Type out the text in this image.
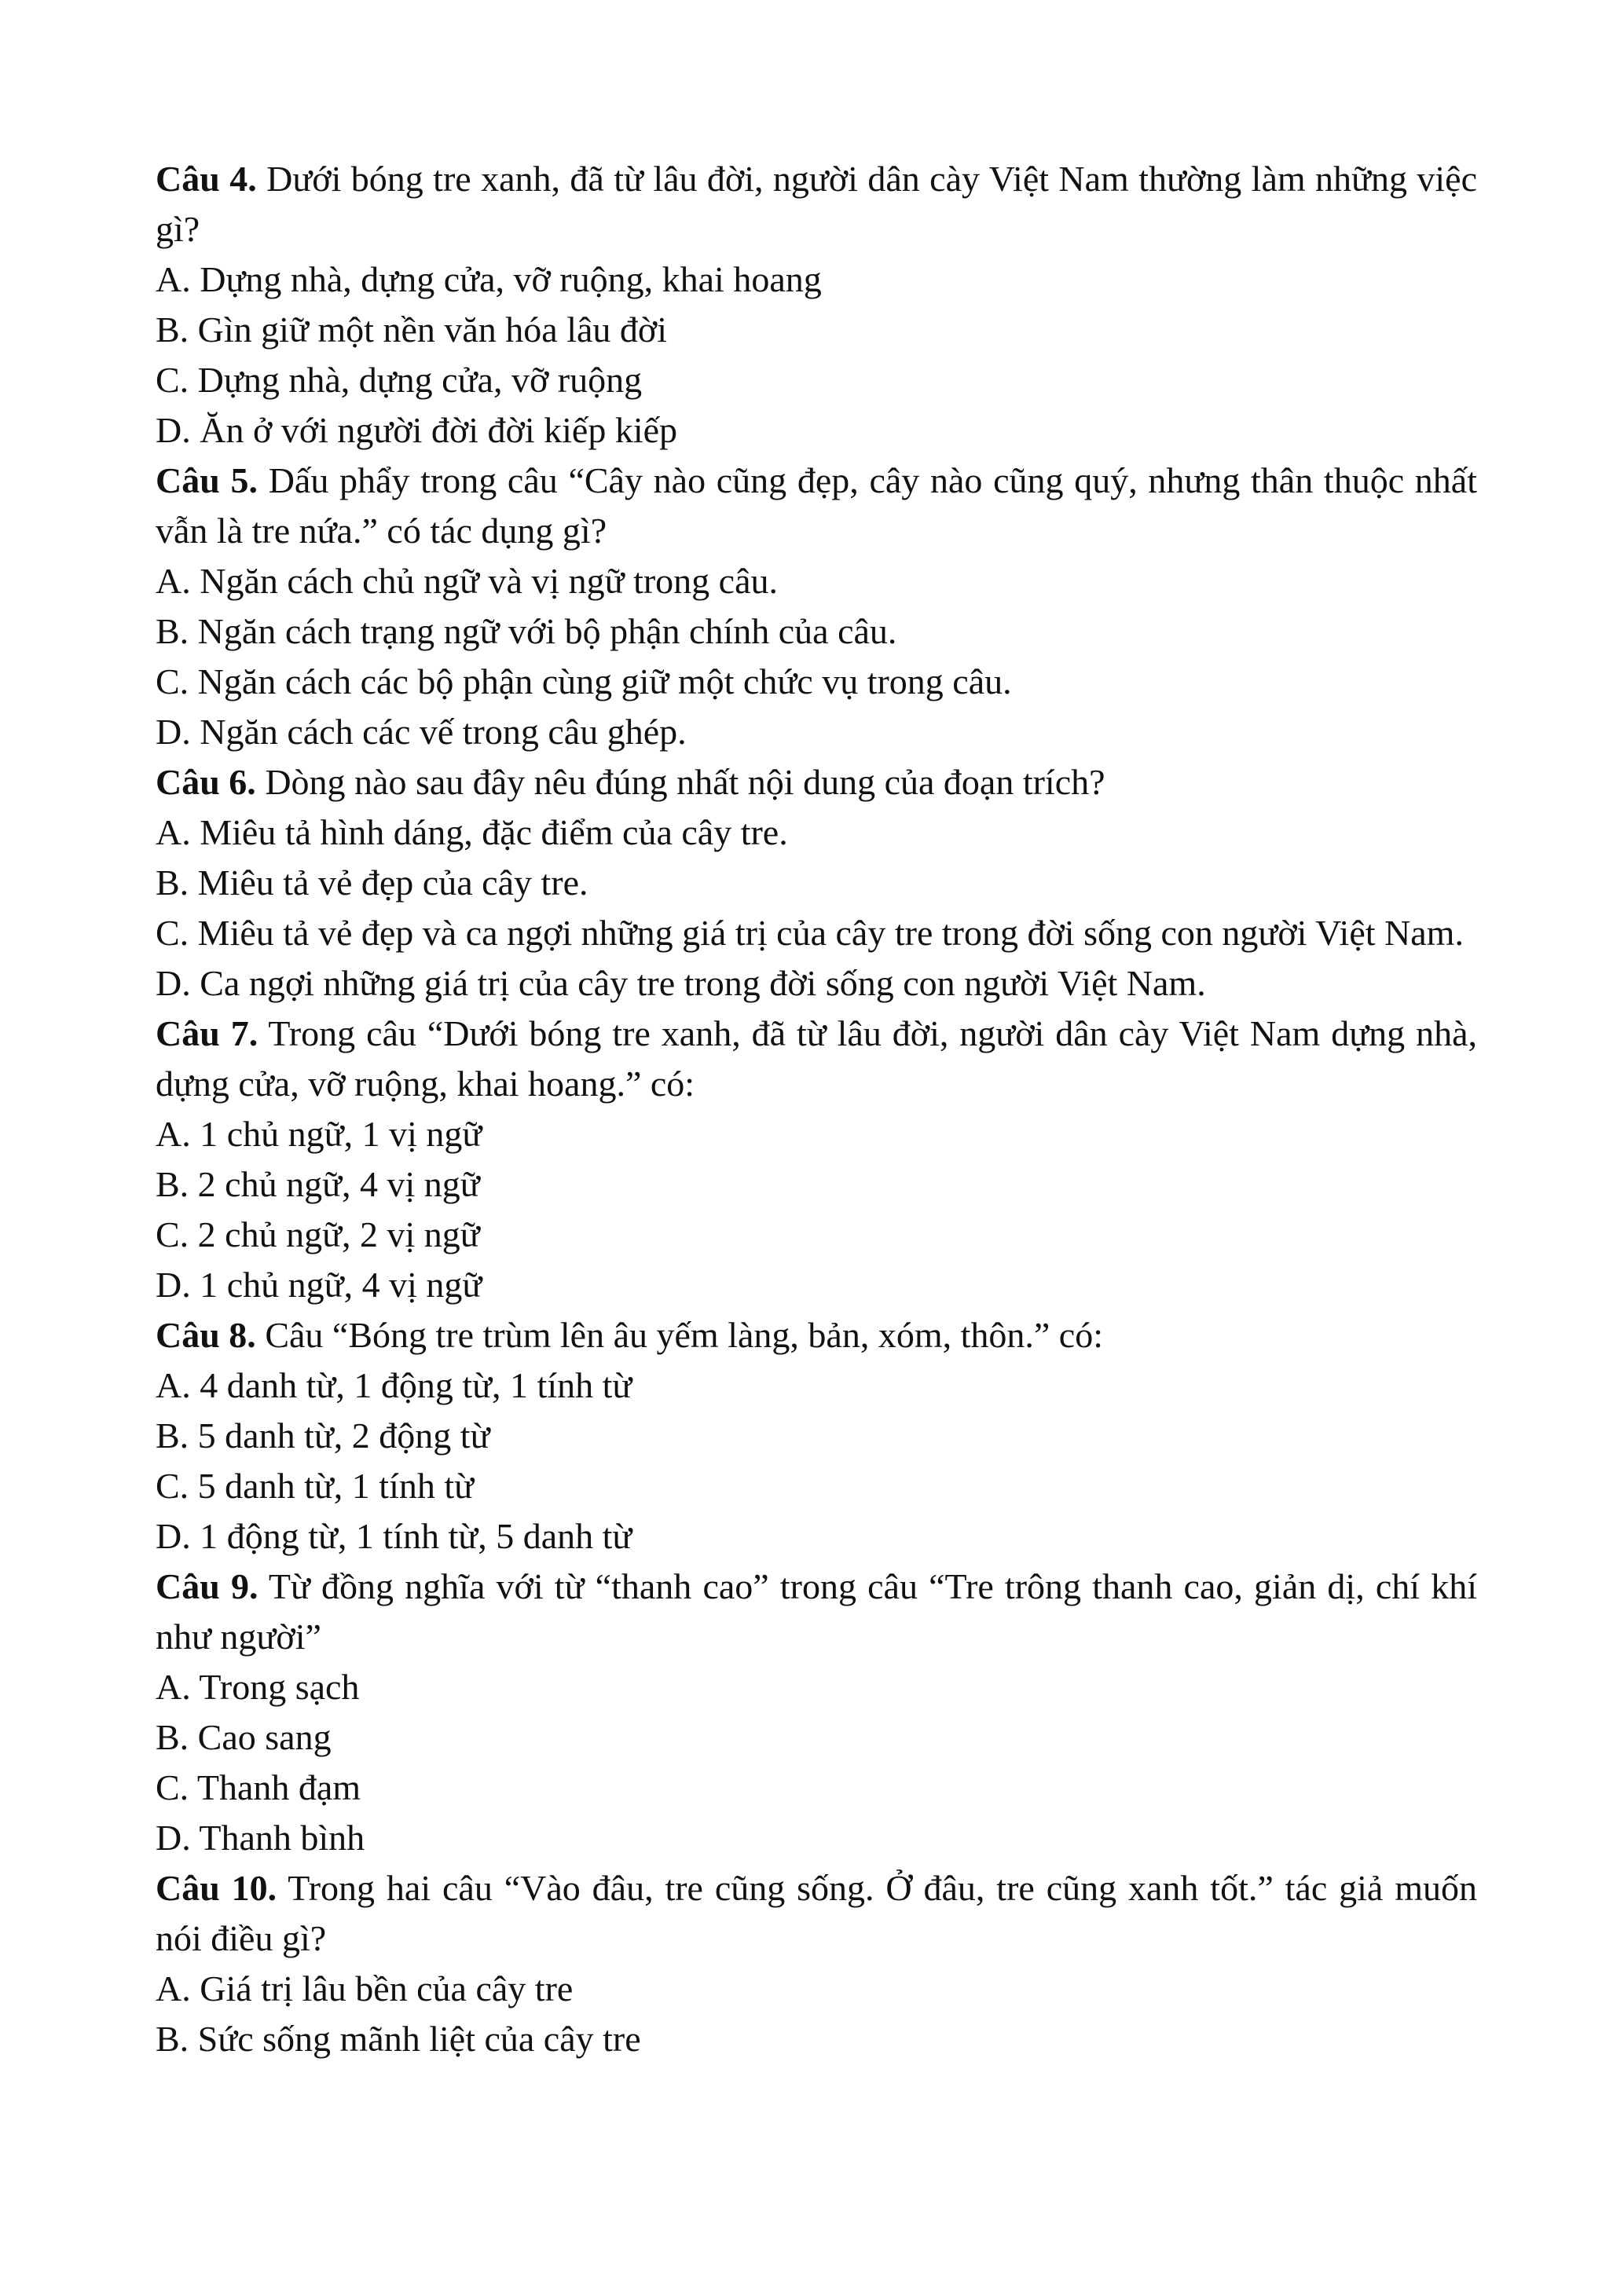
Câu 4. Dưới bóng tre xanh, đã từ lâu đời, người dân cày Việt Nam thường làm những việc gì?

A. Dựng nhà, dựng cửa, vỡ ruộng, khai hoang

B. Gìn giữ một nền văn hóa lâu đời

C. Dựng nhà, dựng cửa, vỡ ruộng

D. Ăn ở với người đời đời kiếp kiếp

Câu 5. Dấu phẩy trong câu “Cây nào cũng đẹp, cây nào cũng quý, nhưng thân thuộc nhất vẫn là tre nứa.” có tác dụng gì?

A. Ngăn cách chủ ngữ và vị ngữ trong câu.

B. Ngăn cách trạng ngữ với bộ phận chính của câu.

C. Ngăn cách các bộ phận cùng giữ một chức vụ trong câu.

D. Ngăn cách các vế trong câu ghép.

Câu 6. Dòng nào sau đây nêu đúng nhất nội dung của đoạn trích?

A. Miêu tả hình dáng, đặc điểm của cây tre.

B. Miêu tả vẻ đẹp của cây tre.

C. Miêu tả vẻ đẹp và ca ngợi những giá trị của cây tre trong đời sống con người Việt Nam.

D. Ca ngợi những giá trị của cây tre trong đời sống con người Việt Nam.

Câu 7. Trong câu “Dưới bóng tre xanh, đã từ lâu đời, người dân cày Việt Nam dựng nhà, dựng cửa, vỡ ruộng, khai hoang.” có:

A. 1 chủ ngữ, 1 vị ngữ

B. 2 chủ ngữ, 4 vị ngữ

C. 2 chủ ngữ, 2 vị ngữ

D. 1 chủ ngữ, 4 vị ngữ

Câu 8. Câu “Bóng tre trùm lên âu yếm làng, bản, xóm, thôn.” có:

A. 4 danh từ, 1 động từ, 1 tính từ

B. 5 danh từ, 2 động từ

C. 5 danh từ, 1 tính từ

D. 1 động từ, 1 tính từ, 5 danh từ

Câu 9. Từ đồng nghĩa với từ “thanh cao” trong câu “Tre trông thanh cao, giản dị, chí khí như người”

A. Trong sạch

B. Cao sang

C. Thanh đạm

D. Thanh bình

Câu 10. Trong hai câu “Vào đâu, tre cũng sống. Ở đâu, tre cũng xanh tốt.” tác giả muốn nói điều gì?

A. Giá trị lâu bền của cây tre

B. Sức sống mãnh liệt của cây tre
